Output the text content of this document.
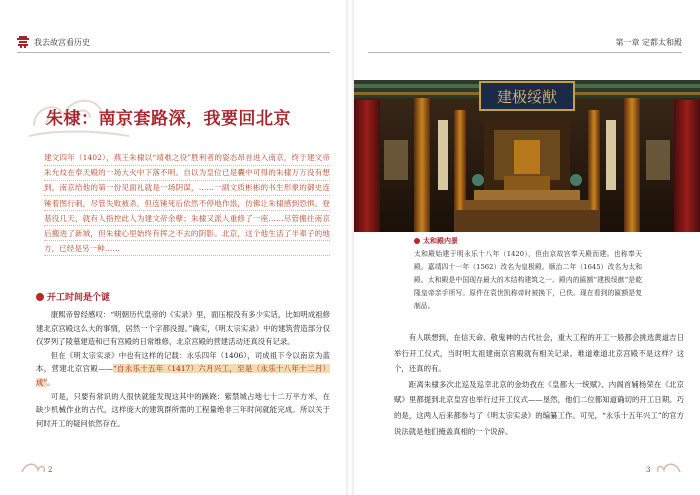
我去故宫看历史
朱棣：南京套路深，我要回北京
建文四年（1402），燕王朱棣以“靖难之役”胜利者的姿态昂首进入南京，终于建文帝朱允炆在奉天殿的一场大火中下落不明。自以为皇位已是囊中可得的朱棣万万没有想到，南京给他的第一份见面礼就是一场阴谋，……一副文质彬彬的书生形象的御史连锤着图行刺，尽管失败被杀，但连锤死后依然不停地作祟，仿佛让朱棣感到恐惧。登基没几天，就有人指控此人为建文帝余孽；朱棣又派人重修了一座……尽管搬往南京后搬进了新城，但朱棣心里始终有挥之不去的阴影。北京，这个他生活了半辈子的地方，已经是另一种……
开工时间是个谜

康熙帝曾经感叹：“明朝历代皇帝的《实录》里，面压根没有多少实话，比如明成祖修建北京宫殿这么大的事情，居然一个字都没提。”确实，《明太宗实录》中的建筑营造部分仅仅罗列了陵墓建造和已有宫殿的日常维修，北京宫殿的营建活动还真没有记录。

但在《明太宗实录》中也有这样的记载：永乐四年（1406），司成祖下令以南京为蓝本，营建北京宫殿——“自永乐十五年（1417）六月兴工，至是（永乐十八年十二月）成”。

可是，只要有常识的人很快就能发现这其中的蹊跷：紫禁城占地七十二万平方米，在缺少机械作业的古代，这样庞大的建筑群所需的工程量绝非三年时间就能完成。所以关于何时开工的疑问依然存在。

2
第一章 定都太和殿
建极绥猷
太和殿内景
太和殿始建于明永乐十八年（1420），但由京故宫奉天殿而建。也称奉天殿。嘉靖四十一年（1562）改名为皇极殿。顺治二年（1645）改名为太和殿。太和殿是中国现存最大的木结构建筑之一。殿内的匾额“建极绥猷”是乾隆皇帝亲手所写。原件在袁世凯称帝时被换下，已佚。现在看到的匾额是复制品。

有人联想到，在信天命、敬鬼神的古代社会，重大工程的开工一般都会挑选黄道吉日举行开工仪式，当时明太祖建南京宫殿就有相关记录。难道难道北京宫殿不是这样？这个，还真的有。

距离朱棣多次北巡及巡幸北京的金幼孜在《皇都大一统赋》、内阁首辅杨荣在《北京赋》里都提到北京皇宫也举行过开工仪式——垦然，他们二位都知道确切的开工日期。巧的是，这两人后来都参与了《明太宗实录》的编纂工作。可见，“永乐十五年兴工”的官方说法就是他们掩盖真相的一个说辞。

3
